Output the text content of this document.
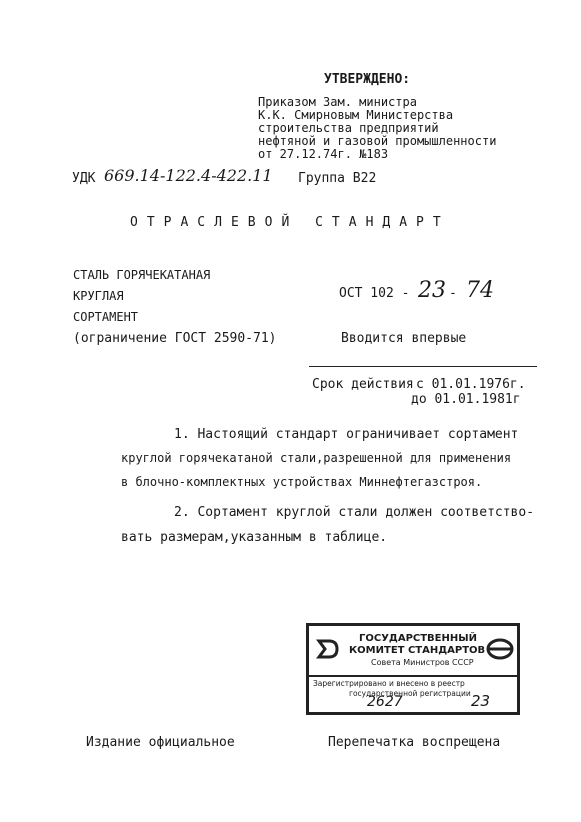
УТВЕРЖДЕНО:
Приказом Зам. министра
К.К. Смирновым Министерства
строительства предприятий
нефтяной и газовой промышленности
от 27.12.74г. №183
УДК 669.14-122.4-422.11 Группа В22
ОТРАСЛЕВОЙ СТАНДАРТ
СТАЛЬ ГОРЯЧЕКАТАНАЯ
КРУГЛАЯ
СОРТАМЕНТ
(ограничение ГОСТ 2590-71)
ОСТ 102 - 23 - 74
Вводится впервые
Срок действия с 01.01.1976г.
до 01.01.1981г
1. Настоящий стандарт ограничивает сортамент
круглой горячекатаной стали,разрешенной для применения
в блочно-комплектных устройствах Миннефтегазстроя.
2. Сортамент круглой стали должен соответство-
вать размерам,указанным в таблице.
ГОСУДАРСТВЕННЫЙ
КОМИТЕТ СТАНДАРТОВ
Совета Министров СССР
Зарегистрировано и внесено в реестр
государственной регистрации
2627	23
Издание официальное	Перепечатка воспрещена
